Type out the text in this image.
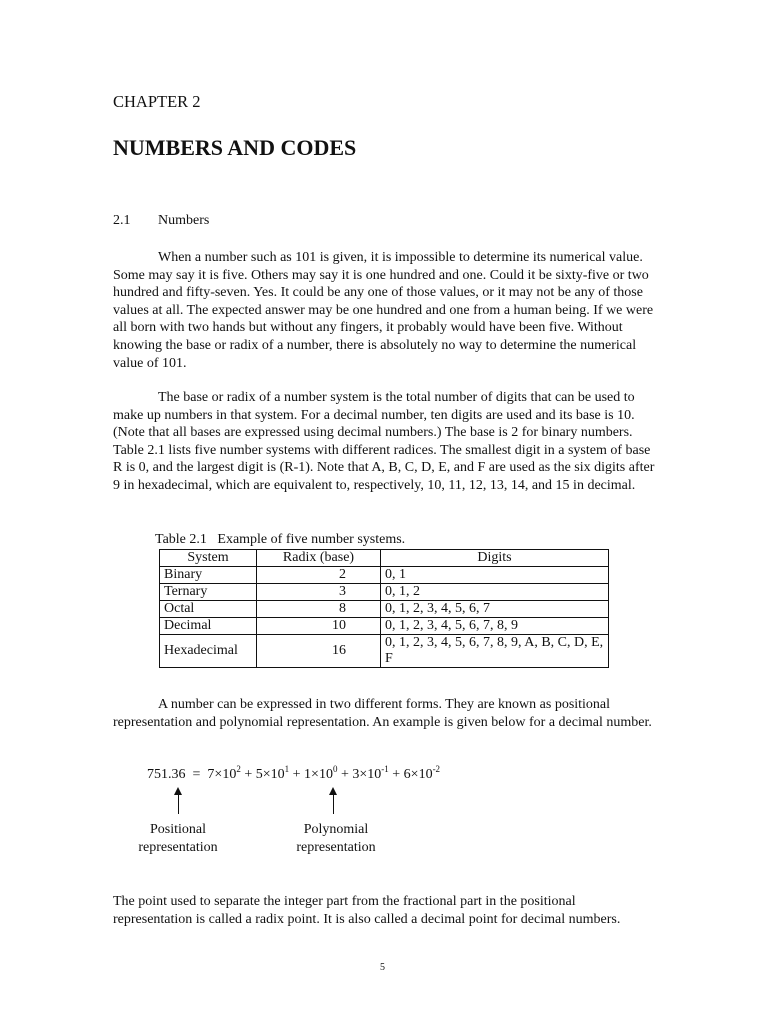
CHAPTER 2
NUMBERS AND CODES
2.1 Numbers

When a number such as 101 is given, it is impossible to determine its numerical value. Some may say it is five. Others may say it is one hundred and one. Could it be sixty-five or two hundred and fifty-seven. Yes. It could be any one of those values, or it may not be any of those values at all. The expected answer may be one hundred and one from a human being. If we were all born with two hands but without any fingers, it probably would have been five. Without knowing the base or radix of a number, there is absolutely no way to determine the numerical value of 101.

The base or radix of a number system is the total number of digits that can be used to make up numbers in that system. For a decimal number, ten digits are used and its base is 10. (Note that all bases are expressed using decimal numbers.) The base is 2 for binary numbers. Table 2.1 lists five number systems with different radices. The smallest digit in a system of base R is 0, and the largest digit is (R-1). Note that A, B, C, D, E, and F are used as the six digits after 9 in hexadecimal, which are equivalent to, respectively, 10, 11, 12, 13, 14, and 15 in decimal.

Table 2.1   Example of five number systems.
System	Radix (base)	Digits
Binary	2	0, 1
Ternary	3	0, 1, 2
Octal	8	0, 1, 2, 3, 4, 5, 6, 7
Decimal	10	0, 1, 2, 3, 4, 5, 6, 7, 8, 9
Hexadecimal	16	0, 1, 2, 3, 4, 5, 6, 7, 8, 9, A, B, C, D, E, F

A number can be expressed in two different forms. They are known as positional representation and polynomial representation. An example is given below for a decimal number.

$751.36 = 7\times 10^2 + 5\times 10^1 + 1\times 10^0 + 3\times 10^{-1} + 6\times 10^{-2}$
Positional
representation
Polynomial
representation

The point used to separate the integer part from the fractional part in the positional representation is called a radix point. It is also called a decimal point for decimal numbers.

5
